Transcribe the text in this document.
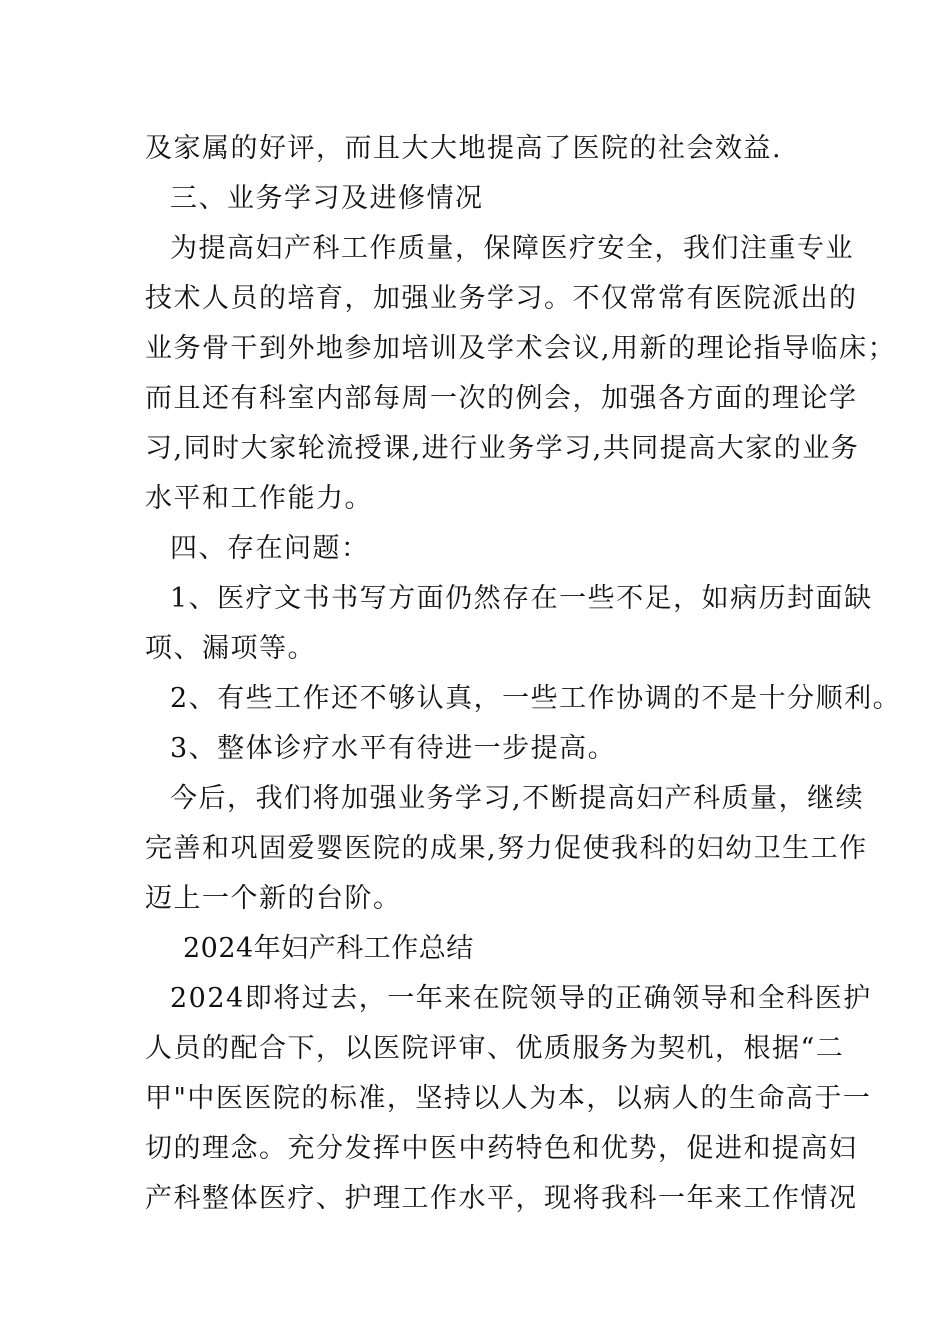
及家属的好评，而且大大地提高了医院的社会效益.
三、业务学习及进修情况
为提高妇产科工作质量，保障医疗安全，我们注重专业
技术人员的培育，加强业务学习。不仅常常有医院派出的
业务骨干到外地参加培训及学术会议,用新的理论指导临床；
而且还有科室内部每周一次的例会，加强各方面的理论学
习,同时大家轮流授课,进行业务学习,共同提高大家的业务
水平和工作能力。
四、存在问题：
1、医疗文书书写方面仍然存在一些不足，如病历封面缺
项、漏项等。
2、有些工作还不够认真，一些工作协调的不是十分顺利。
3、整体诊疗水平有待进一步提高。
今后，我们将加强业务学习,不断提高妇产科质量，继续
完善和巩固爱婴医院的成果,努力促使我科的妇幼卫生工作
迈上一个新的台阶。
2024年妇产科工作总结
2024即将过去，一年来在院领导的正确领导和全科医护
人员的配合下，以医院评审、优质服务为契机，根据“二
甲"中医医院的标准，坚持以人为本，以病人的生命高于一
切的理念。充分发挥中医中药特色和优势，促进和提高妇
产科整体医疗、护理工作水平，现将我科一年来工作情况
